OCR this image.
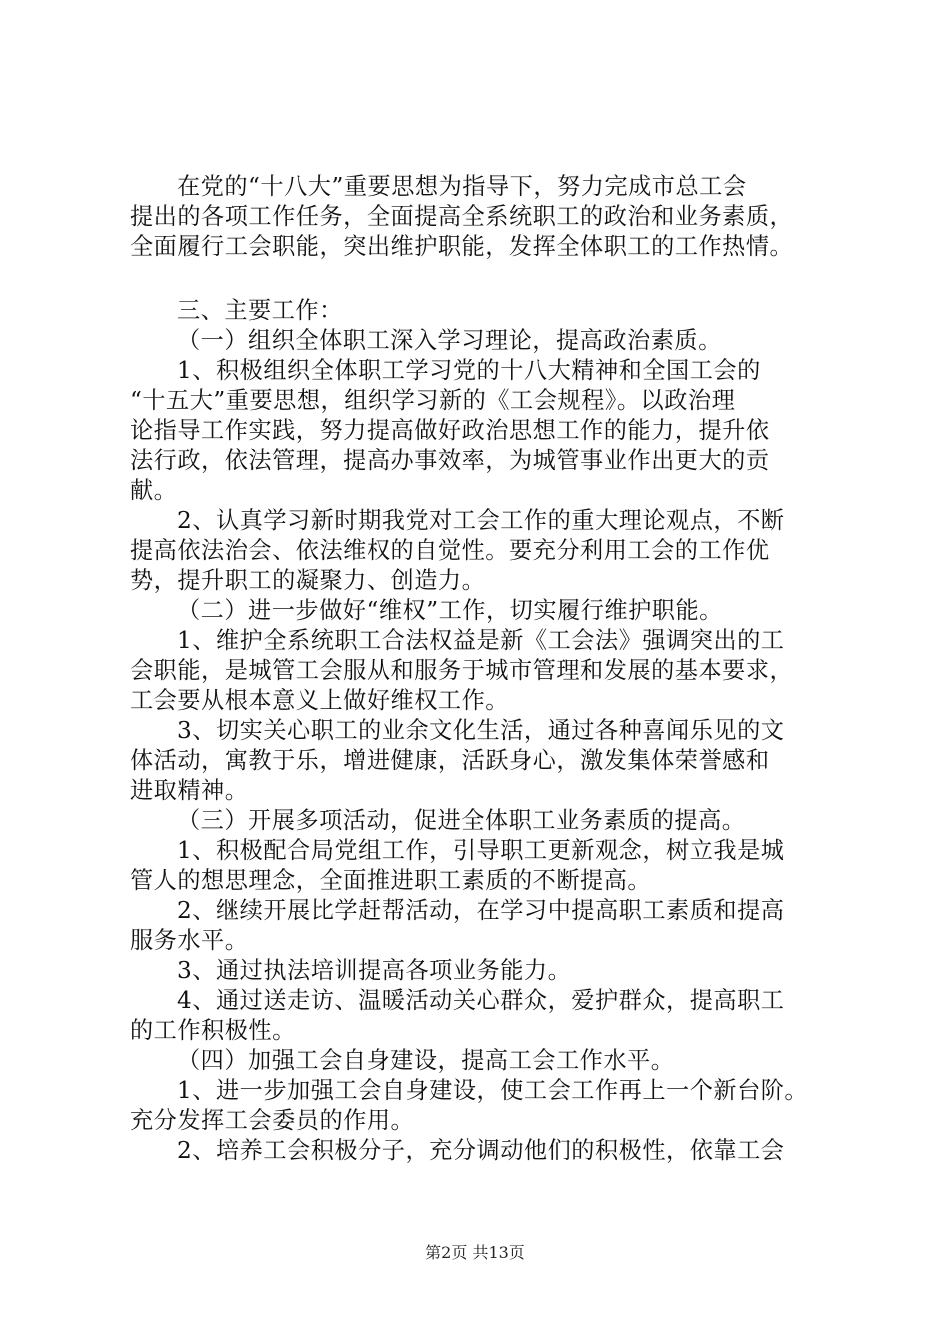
在党的“十八大”重要思想为指导下，努力完成市总工会
提出的各项工作任务，全面提高全系统职工的政治和业务素质，
全面履行工会职能，突出维护职能，发挥全体职工的工作热情。
三、主要工作：
（一）组织全体职工深入学习理论，提高政治素质。
1、积极组织全体职工学习党的十八大精神和全国工会的
“十五大”重要思想，组织学习新的《工会规程》。以政治理
论指导工作实践，努力提高做好政治思想工作的能力，提升依
法行政，依法管理，提高办事效率，为城管事业作出更大的贡
献。
2、认真学习新时期我党对工会工作的重大理论观点，不断
提高依法治会、依法维权的自觉性。要充分利用工会的工作优
势，提升职工的凝聚力、创造力。
（二）进一步做好“维权”工作，切实履行维护职能。
1、维护全系统职工合法权益是新《工会法》强调突出的工
会职能，是城管工会服从和服务于城市管理和发展的基本要求，
工会要从根本意义上做好维权工作。
3、切实关心职工的业余文化生活，通过各种喜闻乐见的文
体活动，寓教于乐，增进健康，活跃身心，激发集体荣誉感和
进取精神。
（三）开展多项活动，促进全体职工业务素质的提高。
1、积极配合局党组工作，引导职工更新观念，树立我是城
管人的想思理念，全面推进职工素质的不断提高。
2、继续开展比学赶帮活动，在学习中提高职工素质和提高
服务水平。
3、通过执法培训提高各项业务能力。
4、通过送走访、温暖活动关心群众，爱护群众，提高职工
的工作积极性。
（四）加强工会自身建设，提高工会工作水平。
1、进一步加强工会自身建设，使工会工作再上一个新台阶。
充分发挥工会委员的作用。
2、培养工会积极分子，充分调动他们的积极性，依靠工会
第2页 共13页
